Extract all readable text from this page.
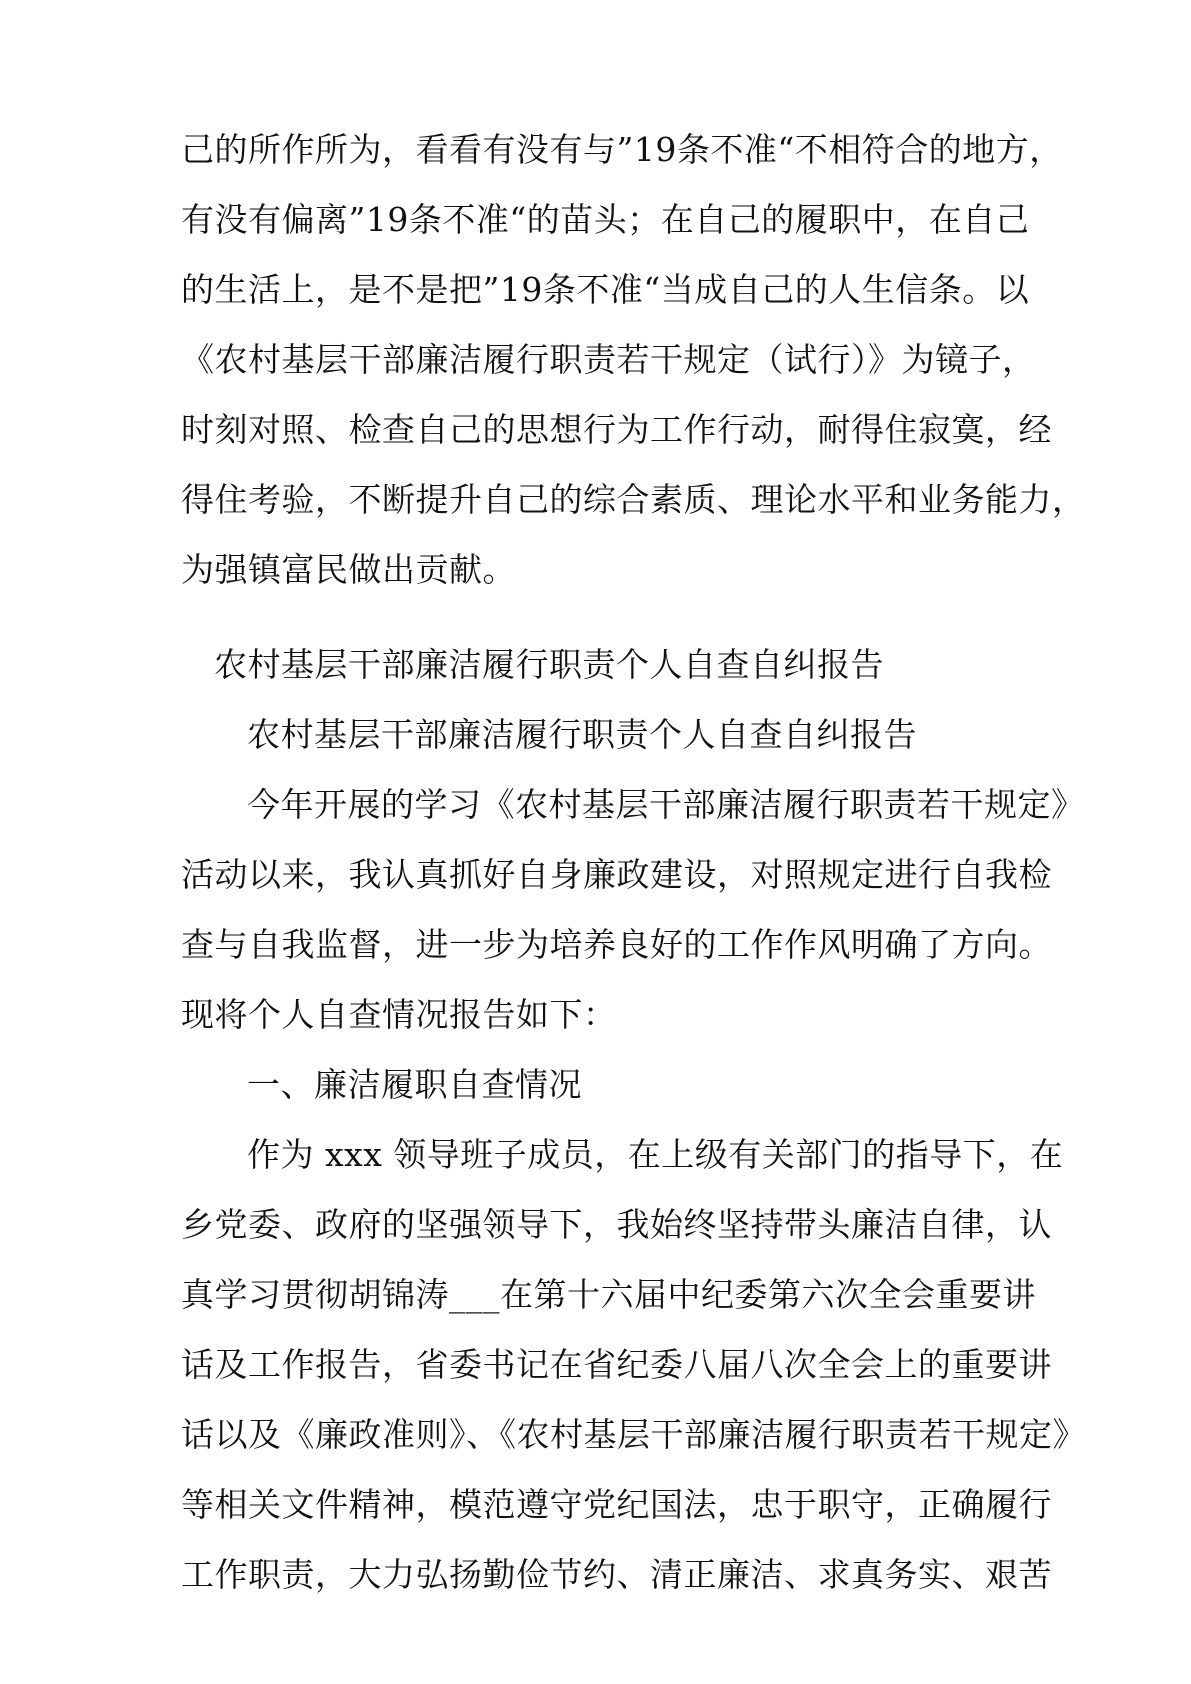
己的所作所为，看看有没有与”19条不准“不相符合的地方，
有没有偏离”19条不准“的苗头；在自己的履职中，在自己
的生活上，是不是把”19条不准“当成自己的人生信条。以
《农村基层干部廉洁履行职责若干规定（试行）》为镜子，
时刻对照、检查自己的思想行为工作行动，耐得住寂寞，经
得住考验，不断提升自己的综合素质、理论水平和业务能力，
为强镇富民做出贡献。
农村基层干部廉洁履行职责个人自查自纠报告
农村基层干部廉洁履行职责个人自查自纠报告
今年开展的学习《农村基层干部廉洁履行职责若干规定》
活动以来，我认真抓好自身廉政建设，对照规定进行自我检
查与自我监督，进一步为培养良好的工作作风明确了方向。
现将个人自查情况报告如下：
一、廉洁履职自查情况
作为 xxx 领导班子成员，在上级有关部门的指导下，在
乡党委、政府的坚强领导下，我始终坚持带头廉洁自律，认
真学习贯彻胡锦涛___在第十六届中纪委第六次全会重要讲
话及工作报告，省委书记在省纪委八届八次全会上的重要讲
话以及《廉政准则》、《农村基层干部廉洁履行职责若干规定》
等相关文件精神，模范遵守党纪国法，忠于职守，正确履行
工作职责，大力弘扬勤俭节约、清正廉洁、求真务实、艰苦
